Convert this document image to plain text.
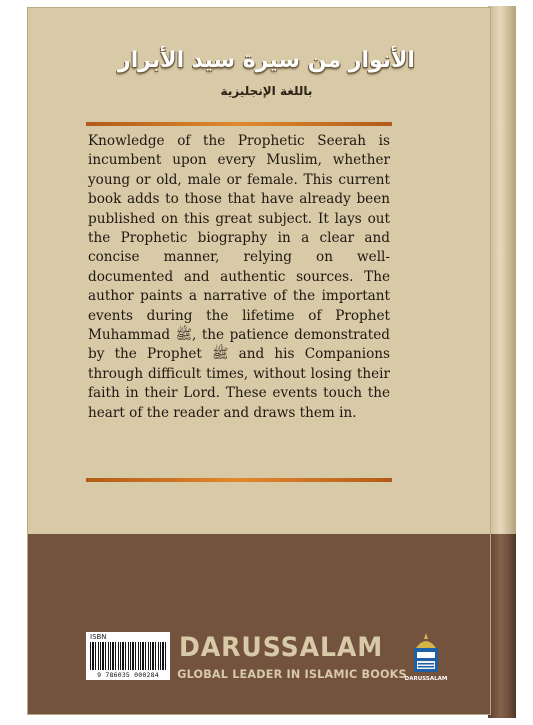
الأنوار من سيرة سيد الأبرار
باللغة الإنجليزية
Knowledge of the Prophetic Seerah is incumbent upon every Muslim, whether young or old, male or female. This current book adds to those that have already been published on this great subject. It lays out the Prophetic biography in a clear and concise manner, relying on well-documented and authentic sources. The author paints a narrative of the important events during the lifetime of Prophet Muhammad ﷺ, the patience demonstrated by the Prophet ﷺ and his Companions through difficult times, without losing their faith in their Lord. These events touch the heart of the reader and draws them in.
ISBN
9 786035 000284
DARUSSALAM
GLOBAL LEADER IN ISLAMIC BOOKS
DARUSSALAM
